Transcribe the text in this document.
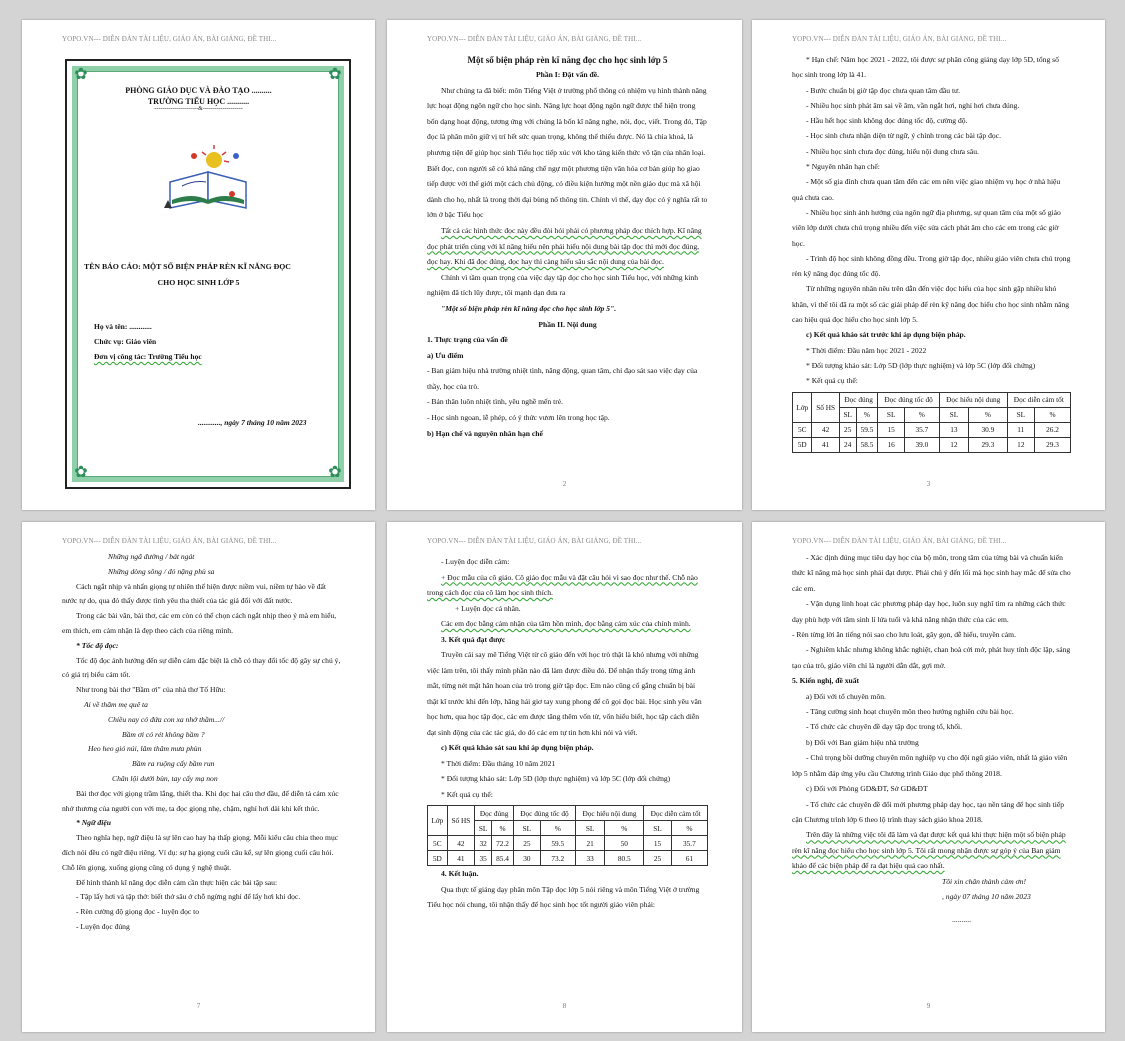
YOPO.VN--- DIỄN ĐÀN TÀI LIỆU, GIÁO ÁN, BÀI GIẢNG, ĐỀ THI...
✿	✿
✿	✿
PHÒNG GIÁO DỤC VÀ ĐÀO TẠO ..........
TRƯỜNG TIỂU HỌC ...........
----------------------&--------------------
TÊN BÁO CÁO: MỘT SỐ BIỆN PHÁP RÈN KĨ NĂNG ĐỌC
CHO HỌC SINH LỚP 5
Họ và tên: ............
Chức vụ: Giáo viên
Đơn vị công tác: Trường Tiểu học
............, ngày 7 tháng 10 năm 2023
YOPO.VN--- DIỄN ĐÀN TÀI LIỆU, GIÁO ÁN, BÀI GIẢNG, ĐỀ THI...

Một số biện pháp rèn kĩ năng đọc cho học sinh lớp 5

Phần I: Đặt vấn đề.

Như chúng ta đã biết: môn Tiếng Việt ở trường phổ thông có nhiệm vụ hình thành năng lực hoạt động ngôn ngữ cho học sinh. Năng lực hoạt động ngôn ngữ được thể hiện trong bốn dạng hoạt động, tương ứng với chúng là bốn kĩ năng nghe, nói, đọc, viết. Trong đó, Tập đọc là phân môn giữ vị trí hết sức quan trọng, không thể thiếu được. Nó là chìa khoá, là phương tiện để giúp học sinh Tiểu học tiếp xúc với kho tàng kiến thức vô tận của nhân loại. Biết đọc, con người sẽ có khả năng chế ngự một phương tiện văn hóa cơ bản giúp họ giao tiếp được với thế giới một cách chủ động, có điều kiện hướng một nền giáo dục mà xã hội dành cho họ, nhất là trong thời đại bùng nổ thông tin. Chính vì thế, dạy đọc có ý nghĩa rất to lớn ở bậc Tiểu học

Tất cả các hình thức đọc này đều đòi hỏi phải có phương pháp đọc thích hợp. Kĩ năng đọc phát triển cùng với kĩ năng hiểu nên phải hiểu nội dung bài tập đọc thì mới đọc đúng, đọc hay. Khi đã đọc đúng, đọc hay thì càng hiểu sâu sắc nội dung của bài đọc.

Chính vì tầm quan trọng của việc dạy tập đọc cho học sinh Tiểu học, với những kinh nghiệm đã tích lũy được, tôi mạnh dạn đưa ra

"Một số biện pháp rèn kĩ năng đọc cho học sinh lớp 5".

Phần II. Nội dung

1. Thực trạng của vấn đề

a) Ưu điểm

- Ban giám hiệu nhà trường nhiệt tình, năng động, quan tâm, chỉ đạo sát sao việc dạy của thầy, học của trò.

- Bản thân luôn nhiệt tình, yêu nghề mến trẻ.

- Học sinh ngoan, lễ phép, có ý thức vươn lên trong học tập.

b) Hạn chế và nguyên nhân hạn chế

2
YOPO.VN--- DIỄN ĐÀN TÀI LIỆU, GIÁO ÁN, BÀI GIẢNG, ĐỀ THI...

* Hạn chế: Năm học 2021 - 2022, tôi được sự phân công giảng dạy lớp 5D, tổng số học sinh trong lớp là 41.

- Bước chuẩn bị giờ tập đọc chưa quan tâm đầu tư.

- Nhiều học sinh phát âm sai về âm, vần ngắt hơi, nghỉ hơi chưa đúng.

- Hầu hết học sinh không đọc đúng tốc độ, cường độ.

- Học sinh chưa nhận diện từ ngữ, ý chính trong các bài tập đọc.

- Nhiều học sinh chưa đọc đúng, hiểu nội dung chưa sâu.

* Nguyên nhân hạn chế:

- Một số gia đình chưa quan tâm đến các em nên việc giao nhiệm vụ học ở nhà hiệu quả chưa cao.

- Nhiều học sinh ảnh hưởng của ngôn ngữ địa phương, sự quan tâm của một số giáo viên lớp dưới chưa chú trọng nhiều đến việc sửa cách phát âm cho các em trong các giờ học.

- Trình độ học sinh không đồng đều. Trong giờ tập đọc, nhiều giáo viên chưa chú trọng rèn kỹ năng đọc đúng tốc độ.

Từ những nguyên nhân nêu trên dẫn đến việc đọc hiểu của học sinh gặp nhiều khó khăn, vì thế tôi đã ra một số các giải pháp để rèn kỹ năng đọc hiểu cho học sinh nhằm nâng cao hiệu quả đọc hiểu cho học sinh lớp 5.

c) Kết quả khảo sát trước khi áp dụng biện pháp.

* Thời điểm: Đầu năm học 2021 - 2022

* Đối tượng khảo sát: Lớp 5D (lớp thực nghiệm) và lớp 5C (lớp đối chứng)

* Kết quả cụ thể:

Lớp	Số HS	Đọc đúng		Đọc đúng tốc độ		Đọc hiểu nội dung		Đọc diễn cảm tốt	
		SL	%	SL	%	SL	%	SL	%
5C	42	25	59.5	15	35.7	13	30.9	11	26.2
5D	41	24	58.5	16	39.0	12	29.3	12	29.3
3
YOPO.VN--- DIỄN ĐÀN TÀI LIỆU, GIÁO ÁN, BÀI GIẢNG, ĐỀ THI...

Những ngã đường / bát ngát

Những dòng sông / đỏ nặng phù sa

Cách ngắt nhịp và nhấn giọng tự nhiên thể hiện được niềm vui, niềm tự hào về đất nước tự do, qua đó thấy được tình yêu tha thiết của tác giả đối với đất nước.

Trong các bài văn, bài thơ, các em còn có thể chọn cách ngắt nhịp theo ý mà em hiểu, em thích, em cảm nhận là đẹp theo cách của riêng mình.

* Tốc độ đọc:

Tốc độ đọc ảnh hưởng đến sự diễn cảm đặc biệt là chỗ có thay đổi tốc độ gây sự chú ý, có giá trị biểu cảm tốt.

Như trong bài thơ "Bầm ơi" của nhà thơ Tố Hữu:

Ai về thăm mẹ quê ta

Chiều nay có đứa con xa nhớ thầm...//

Bầm ơi có rét không bầm ?

Heo heo gió núi, lâm thâm mưa phùn

Bầm ra ruộng cấy bầm run

Chân lội dưới bùn, tay cấy mạ non

Bài thơ đọc với giọng trầm lắng, thiết tha. Khi đọc hai câu thơ đầu, để diễn tả cảm xúc nhớ thương của người con với mẹ, ta đọc giọng nhẹ, chậm, nghỉ hơi dài khi kết thúc.

* Ngữ điệu

Theo nghĩa hẹp, ngữ điệu là sự lên cao hay hạ thấp giọng. Mỗi kiểu câu chia theo mục đích nói đều có ngữ điệu riêng. Ví dụ: sự hạ giọng cuối câu kể, sự lên giọng cuối câu hỏi. Chỗ lên giọng, xuống giọng cũng có dụng ý nghệ thuật.

Để hình thành kĩ năng đọc diễn cảm cần thực hiện các bài tập sau:

- Tập lấy hơi và tập thở: biết thở sâu ở chỗ ngừng nghỉ để lấy hơi khi đọc.

- Rèn cường độ giọng đọc - luyện đọc to

- Luyện đọc đúng

7
YOPO.VN--- DIỄN ĐÀN TÀI LIỆU, GIÁO ÁN, BÀI GIẢNG, ĐỀ THI...

- Luyện đọc diễn cảm:

+ Đọc mẫu của cô giáo. Cô giáo đọc mẫu và đặt câu hỏi vì sao đọc như thế. Chỗ nào trong cách đọc của cô làm học sinh thích.

+ Luyện đọc cá nhân.

Các em đọc bằng cảm nhận của tâm hồn mình, đọc bằng cảm xúc của chính mình.

3. Kết quả đạt được

Truyền cái say mê Tiếng Việt từ cô giáo đến với học trò thật là khó nhưng với những việc làm trên, tôi thấy mình phần nào đã làm được điều đó. Để nhận thấy trong từng ánh mắt, từng nét mặt hân hoan của trò trong giờ tập đọc. Em nào cũng cố gắng chuẩn bị bài thật kĩ trước khi đến lớp, hăng hái giơ tay xung phong để cô gọi đọc bài. Học sinh yêu văn học hơn, qua học tập đọc, các em được tăng thêm vốn từ, vốn hiểu biết, học tập cách diễn đạt sinh động của các tác giả, do đó các em tự tin hơn khi nói và viết.

c) Kết quả khảo sát sau khi áp dụng biện pháp.

* Thời điểm: Đầu tháng 10 năm 2021

* Đối tượng khảo sát: Lớp 5D (lớp thực nghiệm) và lớp 5C (lớp đối chứng)

* Kết quả cụ thể:

Lớp	Số HS	Đọc đúng		Đọc đúng tốc độ		Đọc hiểu nội dung		Đọc diễn cảm tốt	
		SL	%	SL	%	SL	%	SL	%
5C	42	32	72.2	25	59.5	21	50	15	35.7
5D	41	35	85.4	30	73.2	33	80.5	25	61

4. Kết luận.

Qua thực tế giảng dạy phân môn Tập đọc lớp 5 nói riêng và môn Tiếng Việt ở trường Tiểu học nói chung, tôi nhận thấy để học sinh học tốt người giáo viên phải:

8
YOPO.VN--- DIỄN ĐÀN TÀI LIỆU, GIÁO ÁN, BÀI GIẢNG, ĐỀ THI...

- Xác định đúng mục tiêu dạy học của bộ môn, trong tâm của từng bài và chuẩn kiến thức kĩ năng mà học sinh phải đạt được. Phải chú ý đến lối mà học sinh hay mắc để sửa cho các em.

- Vận dụng linh hoạt các phương pháp dạy học, luôn suy nghĩ tìm ra những cách thức dạy phù hợp với tâm sinh lí lứa tuổi và khả năng nhận thức của các em.

- Rèn từng lời ăn tiếng nói sao cho lưu loát, gãy gọn, dễ hiểu, truyền cảm.

- Nghiêm khắc nhưng không khắc nghiệt, chan hoà cởi mở, phát huy tính độc lập, sáng tạo của trò, giáo viên chỉ là người dẫn dắt, gợi mở.

5. Kiến nghị, đề xuất

a) Đối với tổ chuyên môn.

- Tăng cường sinh hoạt chuyên môn theo hướng nghiên cứu bài học.

- Tổ chức các chuyên đề dạy tập đọc trong tổ, khối.

b) Đối với Ban giám hiệu nhà trường

- Chú trọng bồi dưỡng chuyên môn nghiệp vụ cho đội ngũ giáo viên, nhất là giáo viên lớp 5 nhằm đáp ứng yêu cầu Chương trình Giáo dục phổ thông 2018.

c) Đối với Phòng GD&ĐT, Sở GD&ĐT

- Tổ chức các chuyên đề đổi mới phương pháp dạy học, tạo nền tảng để học sinh tiếp cận Chương trình lớp 6 theo lộ trình thay sách giáo khoa 2018.

Trên đây là những việc tôi đã làm và đạt được kết quả khi thực hiện một số biện pháp rèn kĩ năng đọc hiểu cho học sinh lớp 5. Tôi rất mong nhận được sự góp ý của Ban giám khảo để các biện pháp để ra đạt hiệu quả cao nhất.

Tôi xin chân thành cảm ơn!

, ngày 07 tháng 10 năm 2023

..........

9
